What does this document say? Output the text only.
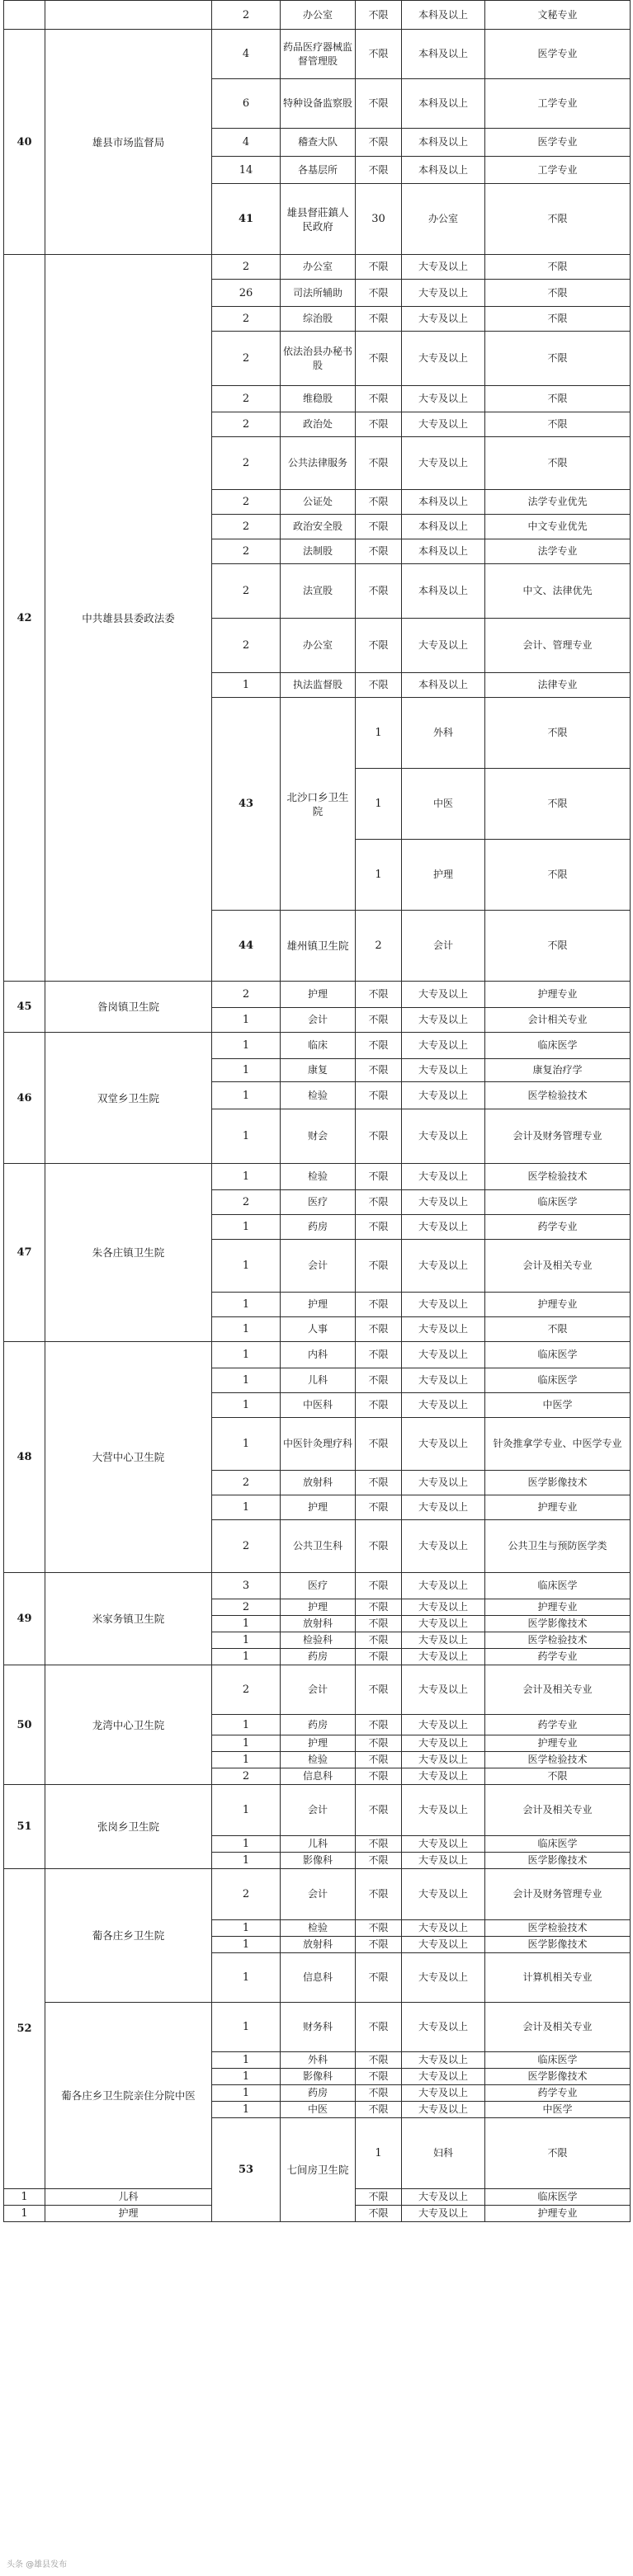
		2	办公室	不限	本科及以上	文秘专业	
40	雄县市场监督局	4	药品医疗器械监督管理股	不限	本科及以上	医学专业	
		6	特种设备监察股	不限	本科及以上	工学专业	
		4	稽查大队	不限	本科及以上	医学专业	
		14	各基层所	不限	本科及以上	工学专业	
		41	雄县督莊鎮人民政府	30	办公室	不限		
42	中共雄县县委政法委	2	办公室	不限	大专及以上	不限	
		26	司法所辅助	不限	大专及以上	不限	
		2	综治股	不限	大专及以上	不限	
		2	依法治县办秘书股	不限	大专及以上	不限	
		2	维稳股	不限	大专及以上	不限	
		2	政治处	不限	大专及以上	不限	
		2	公共法律服务	不限	大专及以上	不限	
		2	公证处	不限	本科及以上	法学专业优先	
		2	政治安全股	不限	本科及以上	中文专业优先	
		2	法制股	不限	本科及以上	法学专业	
		2	法宣股	不限	本科及以上	中文、法律优先	
		2	办公室	不限	大专及以上	会计、管理专业	
		1	执法监督股	不限	本科及以上	法律专业	
		43	北沙口乡卫生院	1	外科	不限		
				1	中医	不限		
				1	护理	不限		
		44	雄州镇卫生院	2	会计	不限		
45	昝岗镇卫生院	2	护理	不限	大专及以上	护理专业	
		1	会计	不限	大专及以上	会计相关专业	
46	双堂乡卫生院	1	临床	不限	大专及以上	临床医学	
		1	康复	不限	大专及以上	康复治疗学	
		1	检验	不限	大专及以上	医学检验技术	
		1	财会	不限	大专及以上	会计及财务管理专业	
47	朱各庄镇卫生院	1	检验	不限	大专及以上	医学检验技术	
		2	医疗	不限	大专及以上	临床医学	
		1	药房	不限	大专及以上	药学专业	
		1	会计	不限	大专及以上	会计及相关专业	
		1	护理	不限	大专及以上	护理专业	
		1	人事	不限	大专及以上	不限	
48	大营中心卫生院	1	内科	不限	大专及以上	临床医学	
		1	儿科	不限	大专及以上	临床医学	
		1	中医科	不限	大专及以上	中医学	
		1	中医针灸理疗科	不限	大专及以上	针灸推拿学专业、中医学专业	
		2	放射科	不限	大专及以上	医学影像技术	
		1	护理	不限	大专及以上	护理专业	
		2	公共卫生科	不限	大专及以上	公共卫生与预防医学类	
49	米家务镇卫生院	3	医疗	不限	大专及以上	临床医学	
		2	护理	不限	大专及以上	护理专业	
		1	放射科	不限	大专及以上	医学影像技术	
		1	检验科	不限	大专及以上	医学检验技术	
		1	药房	不限	大专及以上	药学专业	
50	龙湾中心卫生院	2	会计	不限	大专及以上	会计及相关专业	
		1	药房	不限	大专及以上	药学专业	
		1	护理	不限	大专及以上	护理专业	
		1	检验	不限	大专及以上	医学检验技术	
		2	信息科	不限	大专及以上	不限	
51	张岗乡卫生院	1	会计	不限	大专及以上	会计及相关专业	
		1	儿科	不限	大专及以上	临床医学	
		1	影像科	不限	大专及以上	医学影像技术	
52	葡各庄乡卫生院	2	会计	不限	大专及以上	会计及财务管理专业	
		1	检验	不限	大专及以上	医学检验技术	
		1	放射科	不限	大专及以上	医学影像技术	
		1	信息科	不限	大专及以上	计算机相关专业	
	葡各庄乡卫生院亲住分院中医	1	财务科	不限	大专及以上	会计及相关专业	
		1	外科	不限	大专及以上	临床医学	
		1	影像科	不限	大专及以上	医学影像技术	
		1	药房	不限	大专及以上	药学专业	
		1	中医	不限	大专及以上	中医学	
		53	七间房卫生院	1	妇科	不限		
1	儿科			不限	大专及以上	临床医学	
1	护理			不限	大专及以上	护理专业	
头条 @雄县发布
